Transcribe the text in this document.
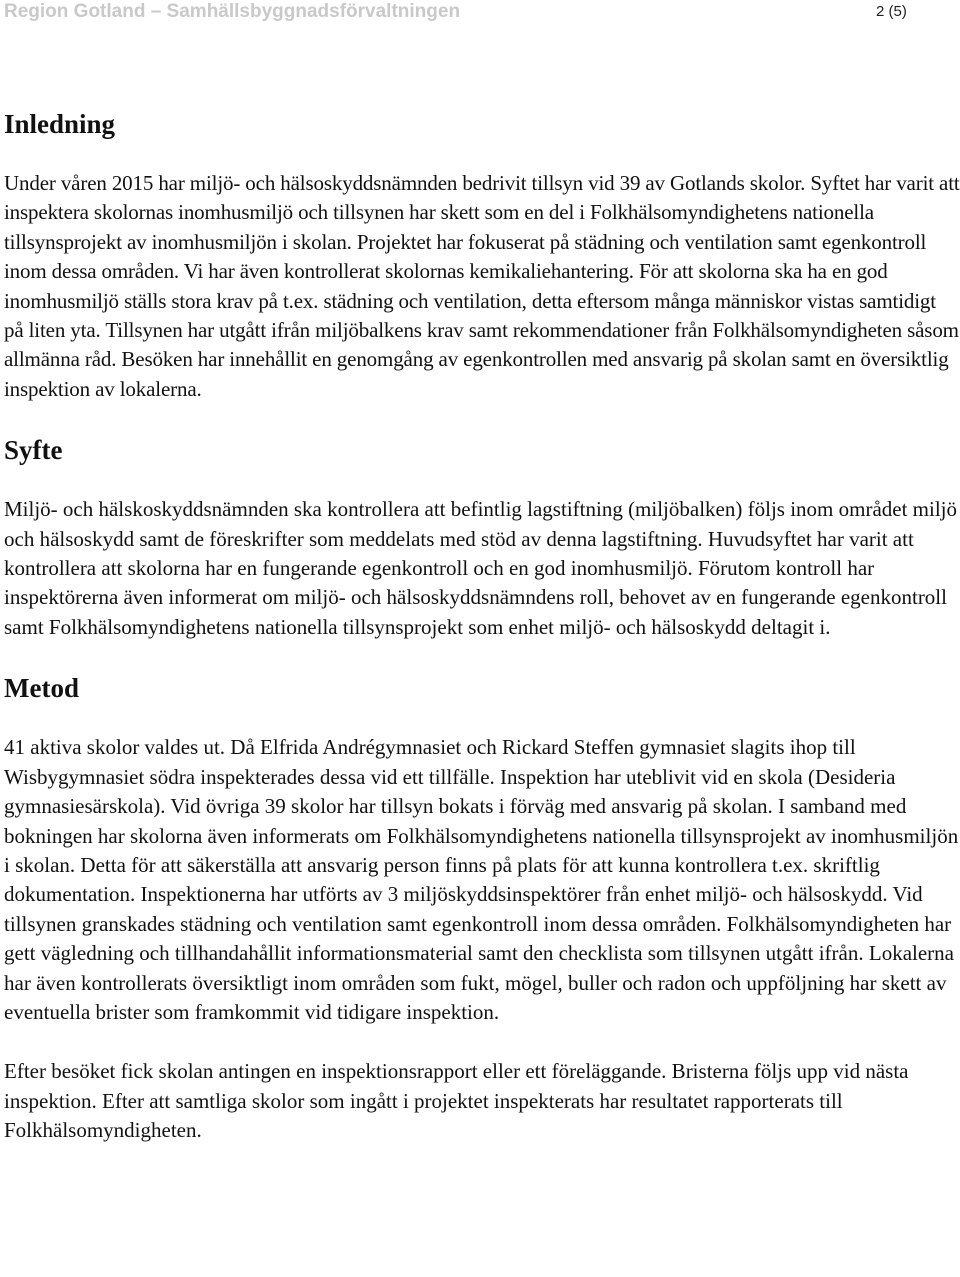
Region Gotland – Samhällsbyggnadsförvaltningen	2 (5)
Inledning

Under våren 2015 har miljö- och hälsoskyddsnämnden bedrivit tillsyn vid 39 av Gotlands skolor. Syftet har varit att inspektera skolornas inomhusmiljö och tillsynen har skett som en del i Folkhälsomyndighetens nationella tillsynsprojekt av inomhusmiljön i skolan. Projektet har fokuserat på städning och ventilation samt egenkontroll inom dessa områden. Vi har även kontrollerat skolornas kemikaliehantering. För att skolorna ska ha en god inomhusmiljö ställs stora krav på t.ex. städning och ventilation, detta eftersom många människor vistas samtidigt på liten yta. Tillsynen har utgått ifrån miljöbalkens krav samt rekommendationer från Folkhälsomyndigheten såsom allmänna råd. Besöken har innehållit en genomgång av egenkontrollen med ansvarig på skolan samt en översiktlig inspektion av lokalerna.

Syfte

Miljö- och hälskoskyddsnämnden ska kontrollera att befintlig lagstiftning (miljöbalken) följs inom området miljö och hälsoskydd samt de föreskrifter som meddelats med stöd av denna lagstiftning. Huvudsyftet har varit att kontrollera att skolorna har en fungerande egenkontroll och en god inomhusmiljö. Förutom kontroll har inspektörerna även informerat om miljö- och hälsoskyddsnämndens roll, behovet av en fungerande egenkontroll samt Folkhälsomyndighetens nationella tillsynsprojekt som enhet miljö- och hälsoskydd deltagit i.

Metod

41 aktiva skolor valdes ut. Då Elfrida Andrégymnasiet och Rickard Steffen gymnasiet slagits ihop till Wisbygymnasiet södra inspekterades dessa vid ett tillfälle. Inspektion har uteblivit vid en skola (Desideria gymnasiesärskola). Vid övriga 39 skolor har tillsyn bokats i förväg med ansvarig på skolan. I samband med bokningen har skolorna även informerats om Folkhälsomyndighetens nationella tillsynsprojekt av inomhusmiljön i skolan. Detta för att säkerställa att ansvarig person finns på plats för att kunna kontrollera t.ex. skriftlig dokumentation. Inspektionerna har utförts av 3 miljöskyddsinspektörer från enhet miljö- och hälsoskydd. Vid tillsynen granskades städning och ventilation samt egenkontroll inom dessa områden. Folkhälsomyndigheten har gett vägledning och tillhandahållit informationsmaterial samt den checklista som tillsynen utgått ifrån. Lokalerna har även kontrollerats översiktligt inom områden som fukt, mögel, buller och radon och uppföljning har skett av eventuella brister som framkommit vid tidigare inspektion.

Efter besöket fick skolan antingen en inspektionsrapport eller ett föreläggande. Bristerna följs upp vid nästa inspektion. Efter att samtliga skolor som ingått i projektet inspekterats har resultatet rapporterats till Folkhälsomyndigheten.
